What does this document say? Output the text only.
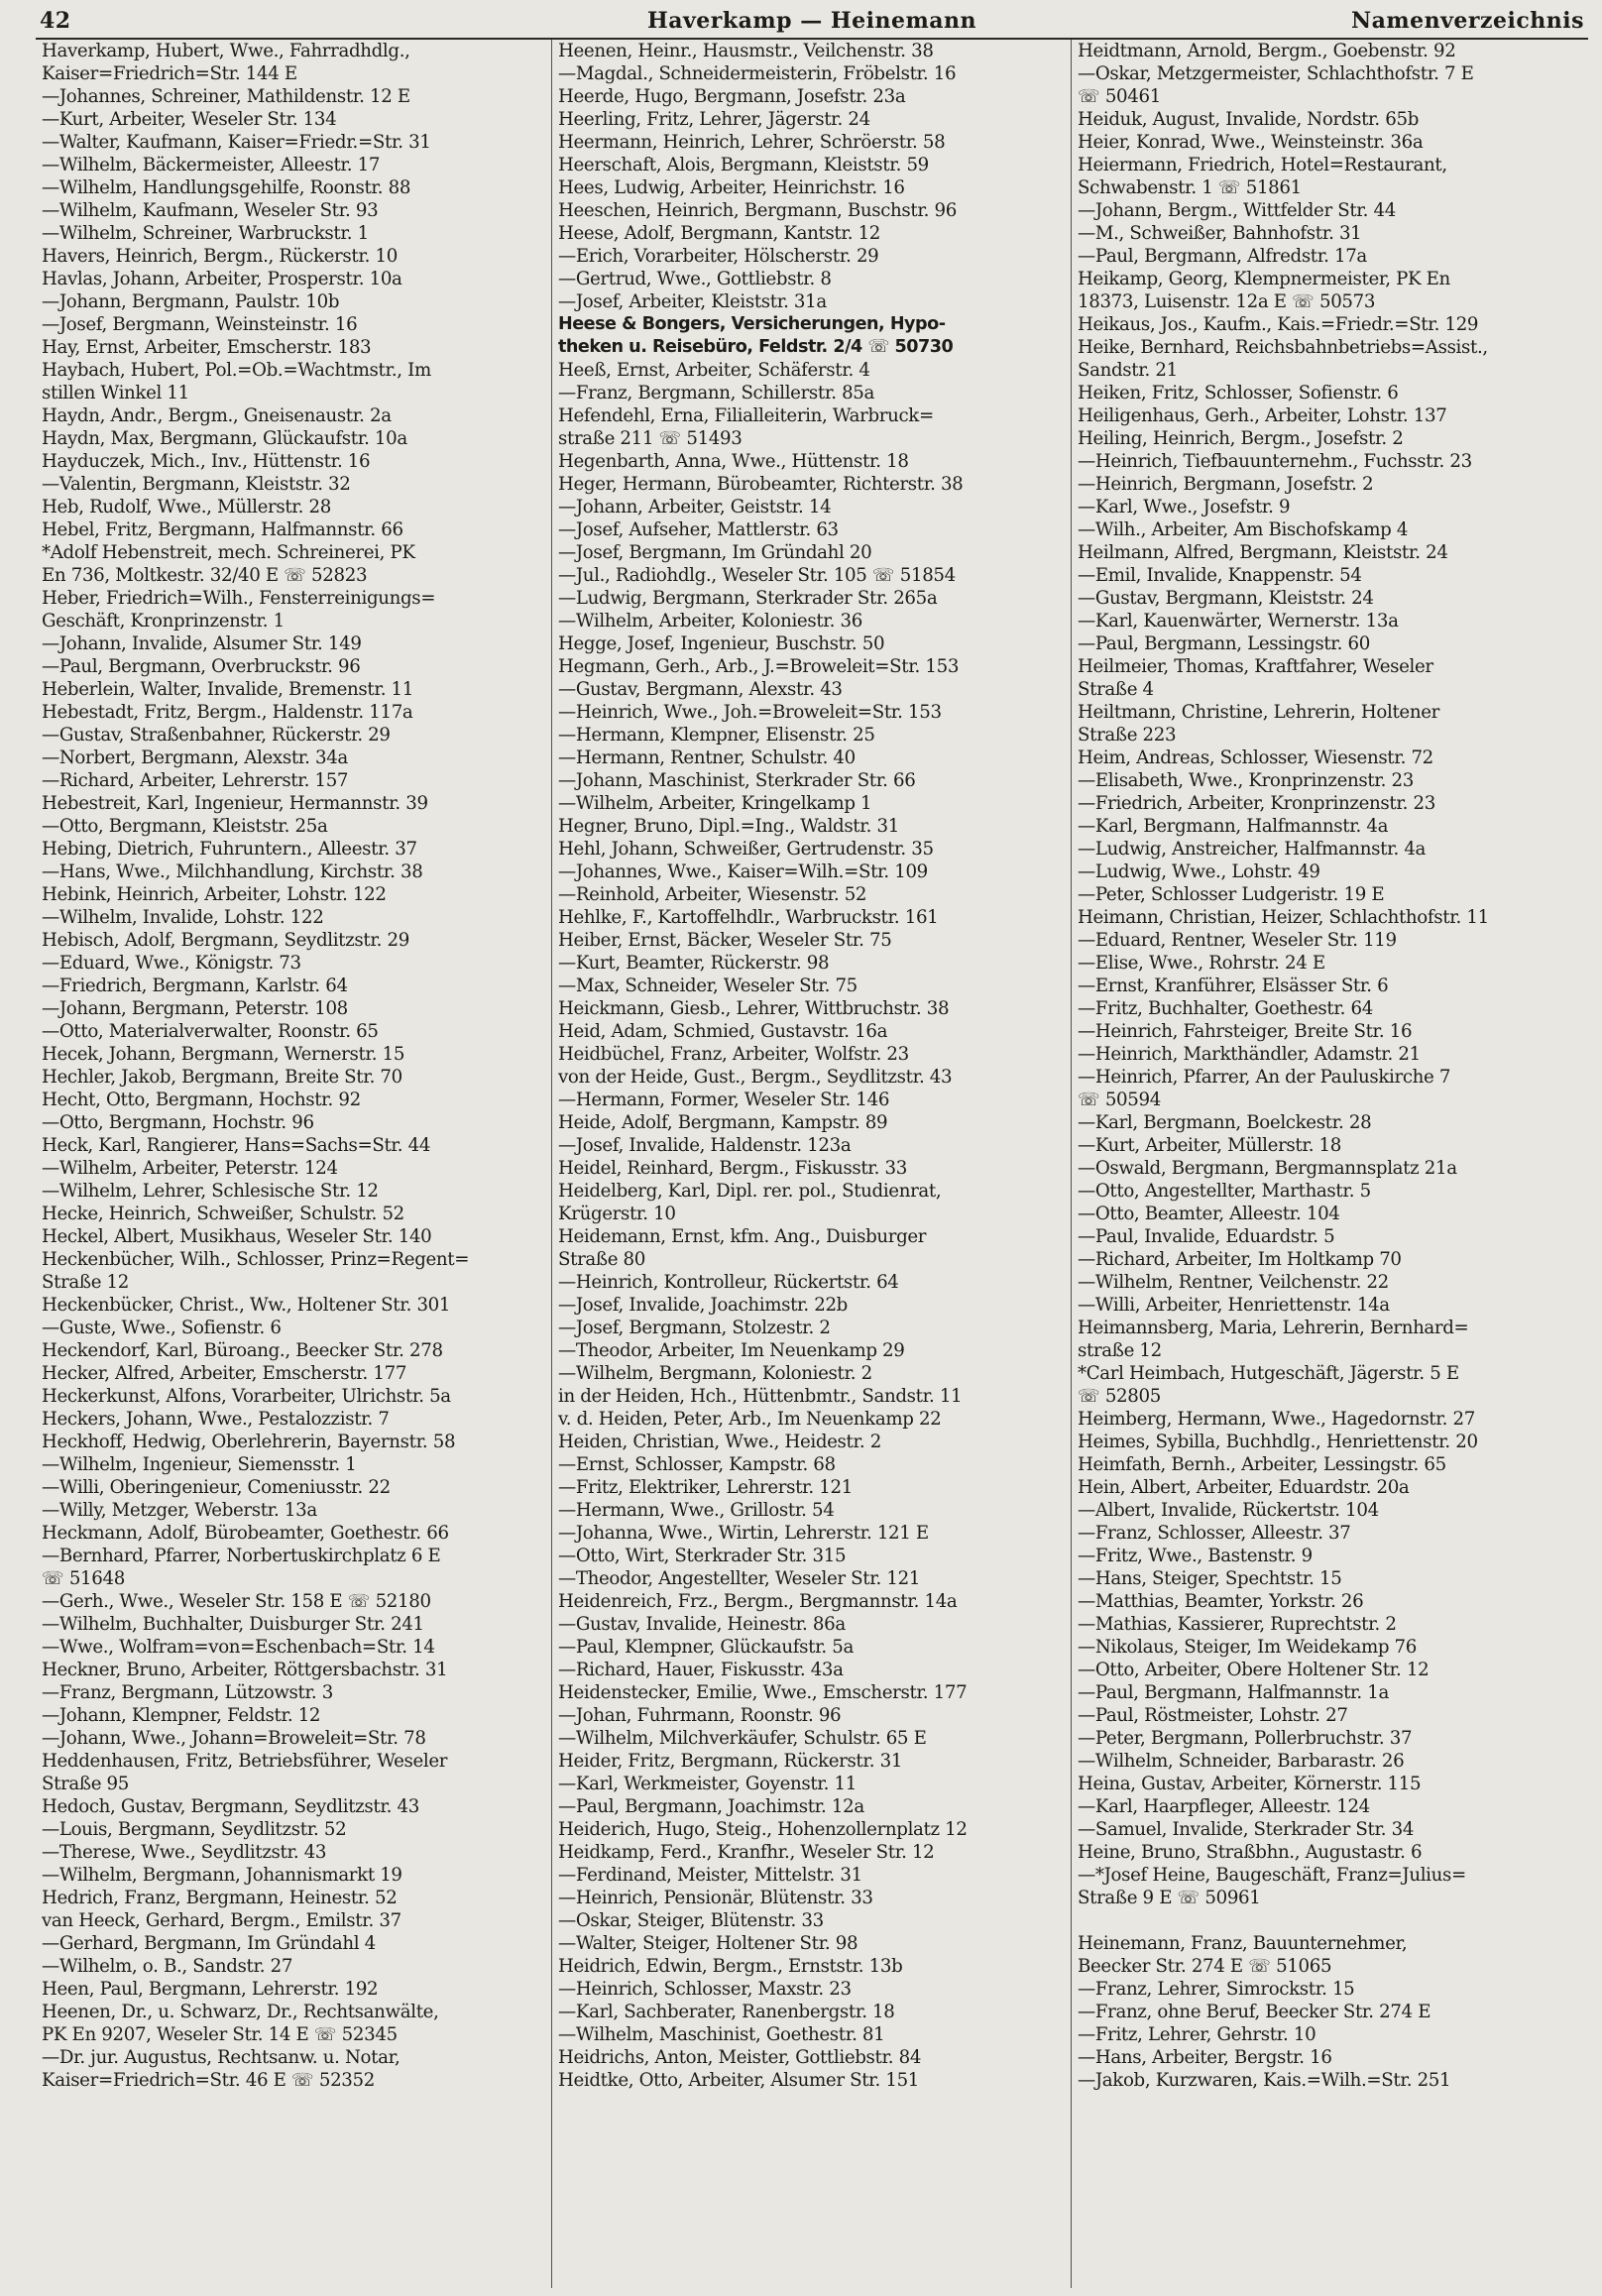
42	Haverkamp — Heinemann	Namenverzeichnis
Haverkamp, Hubert, Wwe., Fahrradhdlg.,
Kaiser=Friedrich=Str. 144 E
—Johannes, Schreiner, Mathildenstr. 12 E
—Kurt, Arbeiter, Weseler Str. 134
—Walter, Kaufmann, Kaiser=Friedr.=Str. 31
—Wilhelm, Bäckermeister, Alleestr. 17
—Wilhelm, Handlungsgehilfe, Roonstr. 88
—Wilhelm, Kaufmann, Weseler Str. 93
—Wilhelm, Schreiner, Warbruckstr. 1
Havers, Heinrich, Bergm., Rückerstr. 10
Havlas, Johann, Arbeiter, Prosperstr. 10a
—Johann, Bergmann, Paulstr. 10b
—Josef, Bergmann, Weinsteinstr. 16
Hay, Ernst, Arbeiter, Emscherstr. 183
Haybach, Hubert, Pol.=Ob.=Wachtmstr., Im
stillen Winkel 11
Haydn, Andr., Bergm., Gneisenaustr. 2a
Haydn, Max, Bergmann, Glückaufstr. 10a
Hayduczek, Mich., Inv., Hüttenstr. 16
—Valentin, Bergmann, Kleiststr. 32
Heb, Rudolf, Wwe., Müllerstr. 28
Hebel, Fritz, Bergmann, Halfmannstr. 66
*Adolf Hebenstreit, mech. Schreinerei, PK
En 736, Moltkestr. 32/40 E ☏ 52823
Heber, Friedrich=Wilh., Fensterreinigungs=
Geschäft, Kronprinzenstr. 1
—Johann, Invalide, Alsumer Str. 149
—Paul, Bergmann, Overbruckstr. 96
Heberlein, Walter, Invalide, Bremenstr. 11
Hebestadt, Fritz, Bergm., Haldenstr. 117a
—Gustav, Straßenbahner, Rückerstr. 29
—Norbert, Bergmann, Alexstr. 34a
—Richard, Arbeiter, Lehrerstr. 157
Hebestreit, Karl, Ingenieur, Hermannstr. 39
—Otto, Bergmann, Kleiststr. 25a
Hebing, Dietrich, Fuhruntern., Alleestr. 37
—Hans, Wwe., Milchhandlung, Kirchstr. 38
Hebink, Heinrich, Arbeiter, Lohstr. 122
—Wilhelm, Invalide, Lohstr. 122
Hebisch, Adolf, Bergmann, Seydlitzstr. 29
—Eduard, Wwe., Königstr. 73
—Friedrich, Bergmann, Karlstr. 64
—Johann, Bergmann, Peterstr. 108
—Otto, Materialverwalter, Roonstr. 65
Hecek, Johann, Bergmann, Wernerstr. 15
Hechler, Jakob, Bergmann, Breite Str. 70
Hecht, Otto, Bergmann, Hochstr. 92
—Otto, Bergmann, Hochstr. 96
Heck, Karl, Rangierer, Hans=Sachs=Str. 44
—Wilhelm, Arbeiter, Peterstr. 124
—Wilhelm, Lehrer, Schlesische Str. 12
Hecke, Heinrich, Schweißer, Schulstr. 52
Heckel, Albert, Musikhaus, Weseler Str. 140
Heckenbücher, Wilh., Schlosser, Prinz=Regent=
Straße 12
Heckenbücker, Christ., Ww., Holtener Str. 301
—Guste, Wwe., Sofienstr. 6
Heckendorf, Karl, Büroang., Beecker Str. 278
Hecker, Alfred, Arbeiter, Emscherstr. 177
Heckerkunst, Alfons, Vorarbeiter, Ulrichstr. 5a
Heckers, Johann, Wwe., Pestalozzistr. 7
Heckhoff, Hedwig, Oberlehrerin, Bayernstr. 58
—Wilhelm, Ingenieur, Siemensstr. 1
—Willi, Oberingenieur, Comeniusstr. 22
—Willy, Metzger, Weberstr. 13a
Heckmann, Adolf, Bürobeamter, Goethestr. 66
—Bernhard, Pfarrer, Norbertuskirchplatz 6 E
☏ 51648
—Gerh., Wwe., Weseler Str. 158 E ☏ 52180
—Wilhelm, Buchhalter, Duisburger Str. 241
—Wwe., Wolfram=von=Eschenbach=Str. 14
Heckner, Bruno, Arbeiter, Röttgersbachstr. 31
—Franz, Bergmann, Lützowstr. 3
—Johann, Klempner, Feldstr. 12
—Johann, Wwe., Johann=Broweleit=Str. 78
Heddenhausen, Fritz, Betriebsführer, Weseler
Straße 95
Hedoch, Gustav, Bergmann, Seydlitzstr. 43
—Louis, Bergmann, Seydlitzstr. 52
—Therese, Wwe., Seydlitzstr. 43
—Wilhelm, Bergmann, Johannismarkt 19
Hedrich, Franz, Bergmann, Heinestr. 52
van Heeck, Gerhard, Bergm., Emilstr. 37
—Gerhard, Bergmann, Im Gründahl 4
—Wilhelm, o. B., Sandstr. 27
Heen, Paul, Bergmann, Lehrerstr. 192
Heenen, Dr., u. Schwarz, Dr., Rechtsanwälte,
PK En 9207, Weseler Str. 14 E ☏ 52345
—Dr. jur. Augustus, Rechtsanw. u. Notar,
Kaiser=Friedrich=Str. 46 E ☏ 52352
Heenen, Heinr., Hausmstr., Veilchenstr. 38
—Magdal., Schneidermeisterin, Fröbelstr. 16
Heerde, Hugo, Bergmann, Josefstr. 23a
Heerling, Fritz, Lehrer, Jägerstr. 24
Heermann, Heinrich, Lehrer, Schröerstr. 58
Heerschaft, Alois, Bergmann, Kleiststr. 59
Hees, Ludwig, Arbeiter, Heinrichstr. 16
Heeschen, Heinrich, Bergmann, Buschstr. 96
Heese, Adolf, Bergmann, Kantstr. 12
—Erich, Vorarbeiter, Hölscherstr. 29
—Gertrud, Wwe., Gottliebstr. 8
—Josef, Arbeiter, Kleiststr. 31a
Heese & Bongers, Versicherungen, Hypo-
theken u. Reisebüro, Feldstr. 2/4 ☏ 50730
Heeß, Ernst, Arbeiter, Schäferstr. 4
—Franz, Bergmann, Schillerstr. 85a
Hefendehl, Erna, Filialleiterin, Warbruck=
straße 211 ☏ 51493
Hegenbarth, Anna, Wwe., Hüttenstr. 18
Heger, Hermann, Bürobeamter, Richterstr. 38
—Johann, Arbeiter, Geiststr. 14
—Josef, Aufseher, Mattlerstr. 63
—Josef, Bergmann, Im Gründahl 20
—Jul., Radiohdlg., Weseler Str. 105 ☏ 51854
—Ludwig, Bergmann, Sterkrader Str. 265a
—Wilhelm, Arbeiter, Koloniestr. 36
Hegge, Josef, Ingenieur, Buschstr. 50
Hegmann, Gerh., Arb., J.=Broweleit=Str. 153
—Gustav, Bergmann, Alexstr. 43
—Heinrich, Wwe., Joh.=Broweleit=Str. 153
—Hermann, Klempner, Elisenstr. 25
—Hermann, Rentner, Schulstr. 40
—Johann, Maschinist, Sterkrader Str. 66
—Wilhelm, Arbeiter, Kringelkamp 1
Hegner, Bruno, Dipl.=Ing., Waldstr. 31
Hehl, Johann, Schweißer, Gertrudenstr. 35
—Johannes, Wwe., Kaiser=Wilh.=Str. 109
—Reinhold, Arbeiter, Wiesenstr. 52
Hehlke, F., Kartoffelhdlr., Warbruckstr. 161
Heiber, Ernst, Bäcker, Weseler Str. 75
—Kurt, Beamter, Rückerstr. 98
—Max, Schneider, Weseler Str. 75
Heickmann, Giesb., Lehrer, Wittbruchstr. 38
Heid, Adam, Schmied, Gustavstr. 16a
Heidbüchel, Franz, Arbeiter, Wolfstr. 23
von der Heide, Gust., Bergm., Seydlitzstr. 43
—Hermann, Former, Weseler Str. 146
Heide, Adolf, Bergmann, Kampstr. 89
—Josef, Invalide, Haldenstr. 123a
Heidel, Reinhard, Bergm., Fiskusstr. 33
Heidelberg, Karl, Dipl. rer. pol., Studienrat,
Krügerstr. 10
Heidemann, Ernst, kfm. Ang., Duisburger
Straße 80
—Heinrich, Kontrolleur, Rückertstr. 64
—Josef, Invalide, Joachimstr. 22b
—Josef, Bergmann, Stolzestr. 2
—Theodor, Arbeiter, Im Neuenkamp 29
—Wilhelm, Bergmann, Koloniestr. 2
in der Heiden, Hch., Hüttenbmtr., Sandstr. 11
v. d. Heiden, Peter, Arb., Im Neuenkamp 22
Heiden, Christian, Wwe., Heidestr. 2
—Ernst, Schlosser, Kampstr. 68
—Fritz, Elektriker, Lehrerstr. 121
—Hermann, Wwe., Grillostr. 54
—Johanna, Wwe., Wirtin, Lehrerstr. 121 E
—Otto, Wirt, Sterkrader Str. 315
—Theodor, Angestellter, Weseler Str. 121
Heidenreich, Frz., Bergm., Bergmannstr. 14a
—Gustav, Invalide, Heinestr. 86a
—Paul, Klempner, Glückaufstr. 5a
—Richard, Hauer, Fiskusstr. 43a
Heidenstecker, Emilie, Wwe., Emscherstr. 177
—Johan, Fuhrmann, Roonstr. 96
—Wilhelm, Milchverkäufer, Schulstr. 65 E
Heider, Fritz, Bergmann, Rückerstr. 31
—Karl, Werkmeister, Goyenstr. 11
—Paul, Bergmann, Joachimstr. 12a
Heiderich, Hugo, Steig., Hohenzollernplatz 12
Heidkamp, Ferd., Kranfhr., Weseler Str. 12
—Ferdinand, Meister, Mittelstr. 31
—Heinrich, Pensionär, Blütenstr. 33
—Oskar, Steiger, Blütenstr. 33
—Walter, Steiger, Holtener Str. 98
Heidrich, Edwin, Bergm., Ernststr. 13b
—Heinrich, Schlosser, Maxstr. 23
—Karl, Sachberater, Ranenbergstr. 18
—Wilhelm, Maschinist, Goethestr. 81
Heidrichs, Anton, Meister, Gottliebstr. 84
Heidtke, Otto, Arbeiter, Alsumer Str. 151
Heidtmann, Arnold, Bergm., Goebenstr. 92
—Oskar, Metzgermeister, Schlachthofstr. 7 E
☏ 50461
Heiduk, August, Invalide, Nordstr. 65b
Heier, Konrad, Wwe., Weinsteinstr. 36a
Heiermann, Friedrich, Hotel=Restaurant,
Schwabenstr. 1 ☏ 51861
—Johann, Bergm., Wittfelder Str. 44
—M., Schweißer, Bahnhofstr. 31
—Paul, Bergmann, Alfredstr. 17a
Heikamp, Georg, Klempnermeister, PK En
18373, Luisenstr. 12a E ☏ 50573
Heikaus, Jos., Kaufm., Kais.=Friedr.=Str. 129
Heike, Bernhard, Reichsbahnbetriebs=Assist.,
Sandstr. 21
Heiken, Fritz, Schlosser, Sofienstr. 6
Heiligenhaus, Gerh., Arbeiter, Lohstr. 137
Heiling, Heinrich, Bergm., Josefstr. 2
—Heinrich, Tiefbauunternehm., Fuchsstr. 23
—Heinrich, Bergmann, Josefstr. 2
—Karl, Wwe., Josefstr. 9
—Wilh., Arbeiter, Am Bischofskamp 4
Heilmann, Alfred, Bergmann, Kleiststr. 24
—Emil, Invalide, Knappenstr. 54
—Gustav, Bergmann, Kleiststr. 24
—Karl, Kauenwärter, Wernerstr. 13a
—Paul, Bergmann, Lessingstr. 60
Heilmeier, Thomas, Kraftfahrer, Weseler
Straße 4
Heiltmann, Christine, Lehrerin, Holtener
Straße 223
Heim, Andreas, Schlosser, Wiesenstr. 72
—Elisabeth, Wwe., Kronprinzenstr. 23
—Friedrich, Arbeiter, Kronprinzenstr. 23
—Karl, Bergmann, Halfmannstr. 4a
—Ludwig, Anstreicher, Halfmannstr. 4a
—Ludwig, Wwe., Lohstr. 49
—Peter, Schlosser Ludgeristr. 19 E
Heimann, Christian, Heizer, Schlachthofstr. 11
—Eduard, Rentner, Weseler Str. 119
—Elise, Wwe., Rohrstr. 24 E
—Ernst, Kranführer, Elsässer Str. 6
—Fritz, Buchhalter, Goethestr. 64
—Heinrich, Fahrsteiger, Breite Str. 16
—Heinrich, Markthändler, Adamstr. 21
—Heinrich, Pfarrer, An der Pauluskirche 7
☏ 50594
—Karl, Bergmann, Boelckestr. 28
—Kurt, Arbeiter, Müllerstr. 18
—Oswald, Bergmann, Bergmannsplatz 21a
—Otto, Angestellter, Marthastr. 5
—Otto, Beamter, Alleestr. 104
—Paul, Invalide, Eduardstr. 5
—Richard, Arbeiter, Im Holtkamp 70
—Wilhelm, Rentner, Veilchenstr. 22
—Willi, Arbeiter, Henriettenstr. 14a
Heimannsberg, Maria, Lehrerin, Bernhard=
straße 12
*Carl Heimbach, Hutgeschäft, Jägerstr. 5 E
☏ 52805
Heimberg, Hermann, Wwe., Hagedornstr. 27
Heimes, Sybilla, Buchhdlg., Henriettenstr. 20
Heimfath, Bernh., Arbeiter, Lessingstr. 65
Hein, Albert, Arbeiter, Eduardstr. 20a
—Albert, Invalide, Rückertstr. 104
—Franz, Schlosser, Alleestr. 37
—Fritz, Wwe., Bastenstr. 9
—Hans, Steiger, Spechtstr. 15
—Matthias, Beamter, Yorkstr. 26
—Mathias, Kassierer, Ruprechtstr. 2
—Nikolaus, Steiger, Im Weidekamp 76
—Otto, Arbeiter, Obere Holtener Str. 12
—Paul, Bergmann, Halfmannstr. 1a
—Paul, Röstmeister, Lohstr. 27
—Peter, Bergmann, Pollerbruchstr. 37
—Wilhelm, Schneider, Barbarastr. 26
Heina, Gustav, Arbeiter, Körnerstr. 115
—Karl, Haarpfleger, Alleestr. 124
—Samuel, Invalide, Sterkrader Str. 34
Heine, Bruno, Straßbhn., Augustastr. 6
—*Josef Heine, Baugeschäft, Franz=Julius=
Straße 9 E ☏ 50961
Heinemann, Franz, Bauunternehmer,
Beecker Str. 274 E ☏ 51065
—Franz, Lehrer, Simrockstr. 15
—Franz, ohne Beruf, Beecker Str. 274 E
—Fritz, Lehrer, Gehrstr. 10
—Hans, Arbeiter, Bergstr. 16
—Jakob, Kurzwaren, Kais.=Wilh.=Str. 251
